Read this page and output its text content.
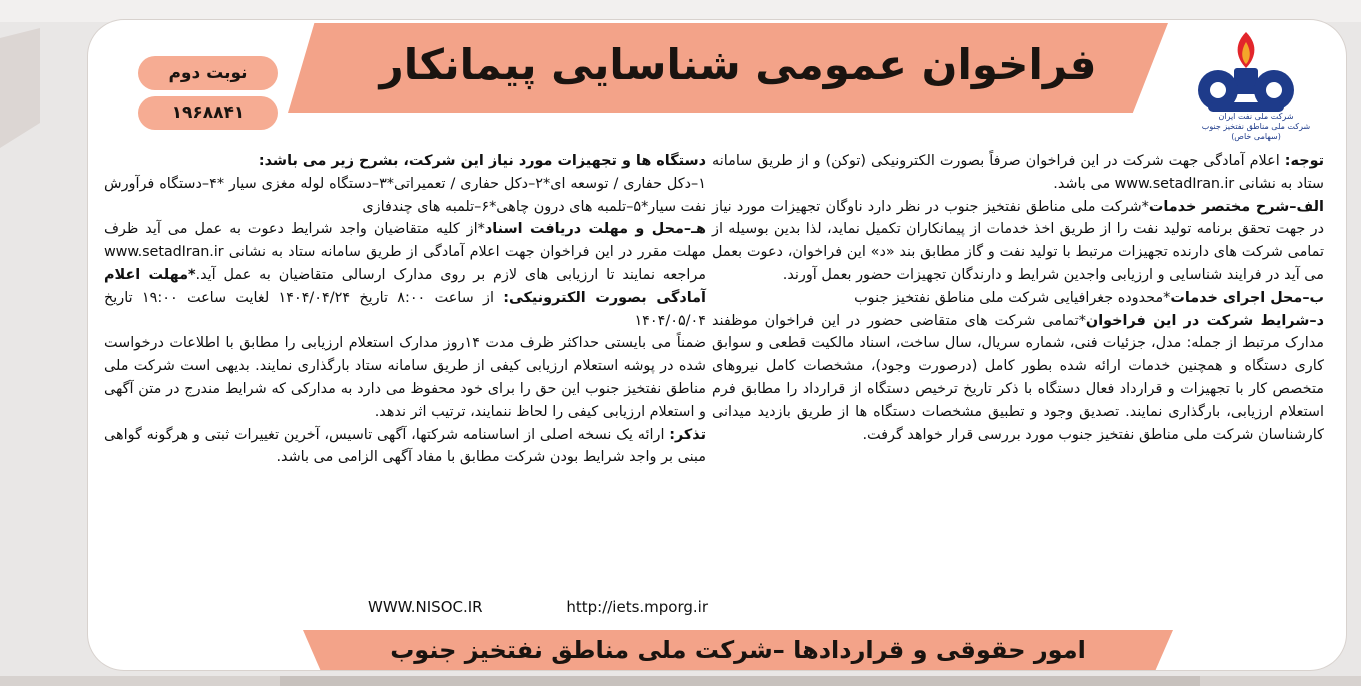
فراخوان عمومی شناسایی پیمانکار
شرکت ملی نفت ایران
شرکت ملی مناطق نفتخیز جنوب (سهامی خاص)
نوبت دوم
۱۹۶۸۸۴۱

توجه: اعلام آمادگی جهت شرکت در این فراخوان صرفاً بصورت الکترونیکی (توکن) و از طریق سامانه ستاد به نشانی www.setadIran.ir می باشد.

الف–شرح مختصر خدمات*شرکت ملی مناطق نفتخیز جنوب در نظر دارد ناوگان تجهیزات مورد نیاز در جهت تحقق برنامه تولید نفت را از طریق اخذ خدمات از پیمانکاران تکمیل نماید، لذا بدین بوسیله از تمامی شرکت های دارنده تجهیزات مرتبط با تولید نفت و گاز مطابق بند «د» این فراخوان، دعوت بعمل می آید در فرایند شناسایی و ارزیابی واجدین شرایط و دارندگان تجهیزات حضور بعمل آورند.

ب–محل اجرای خدمات*محدوده جغرافیایی شرکت ملی مناطق نفتخیز جنوب

د–شرایط شرکت در این فراخوان*تمامی شرکت های متقاضی حضور در این فراخوان موظفند مدارک مرتبط از جمله: مدل، جزئیات فنی، شماره سریال، سال ساخت، اسناد مالکیت قطعی و سوابق کاری دستگاه و همچنین خدمات ارائه شده بطور کامل (درصورت وجود)، مشخصات کامل نیروهای متخصص کار با تجهیزات و قرارداد فعال دستگاه با ذکر تاریخ ترخیص دستگاه از قرارداد را مطابق فرم استعلام ارزیابی، بارگذاری نمایند. تصدیق وجود و تطبیق مشخصات دستگاه ها از طریق بازدید میدانی کارشناسان شرکت ملی مناطق نفتخیز جنوب مورد بررسی قرار خواهد گرفت.

دستگاه ها و تجهیزات مورد نیاز این شرکت، بشرح زیر می باشد:

۱–دکل حفاری / توسعه ای*۲–دکل حفاری / تعمیراتی*۳–دستگاه لوله مغزی سیار *۴–دستگاه فرآورش نفت سیار*۵–تلمبه های درون چاهی*۶–تلمبه های چندفازی

هـ–محل و مهلت دریافت اسناد*از کلیه متقاضیان واجد شرایط دعوت به عمل می آید ظرف مهلت مقرر در این فراخوان جهت اعلام آمادگی از طریق سامانه ستاد به نشانی www.setadIran.ir مراجعه نمایند تا ارزیابی های لازم بر روی مدارک ارسالی متقاضیان به عمل آید.*مهلت اعلام آمادگی بصورت الکترونیکی: از ساعت ۸:۰۰ تاریخ ۱۴۰۴/۰۴/۲۴ لغایت ساعت ۱۹:۰۰ تاریخ ۱۴۰۴/۰۵/۰۴

ضمناً می بایستی حداکثر ظرف مدت ۱۴روز مدارک استعلام ارزیابی را مطابق با اطلاعات درخواست شده در پوشه استعلام ارزیابی کیفی از طریق سامانه ستاد بارگذاری نمایند. بدیهی است شرکت ملی مناطق نفتخیز جنوب این حق را برای خود محفوظ می دارد به مدارکی که شرایط مندرج در متن آگهی و استعلام ارزیابی کیفی را لحاظ ننمایند، ترتیب اثر ندهد.

تذکر: ارائه یک نسخه اصلی از اساسنامه شرکتها، آگهی تاسیس، آخرین تغییرات ثبتی و هرگونه گواهی مبنی بر واجد شرایط بودن شرکت مطابق با مفاد آگهی الزامی می باشد.

WWW.NISOC.IR	http://iets.mporg.ir
امور حقوقی و قراردادها –شرکت ملی مناطق نفتخیز جنوب
